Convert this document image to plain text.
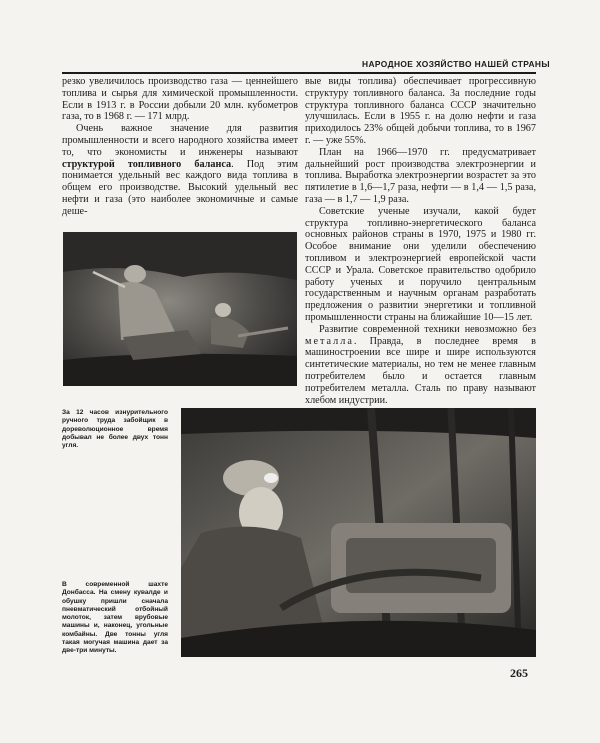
НАРОДНОЕ ХОЗЯЙСТВО НАШЕЙ СТРАНЫ

резко увеличилось производство газа — ценнейшего топлива и сырья для химической промышленности. Если в 1913 г. в России добыли 20 млн. кубометров газа, то в 1968 г. — 171 млрд.

Очень важное значение для развития промышленности и всего народного хозяйства имеет то, что экономисты и инженеры называют структурой топливного баланса. Под этим понимается удельный вес каждого вида топлива в общем его производстве. Высокий удельный вес нефти и газа (это наиболее экономичные и самые деше-

вые виды топлива) обеспечивает прогрессивную структуру топливного баланса. За последние годы структура топливного баланса СССР значительно улучшилась. Если в 1955 г. на долю нефти и газа приходилось 23% общей добычи топлива, то в 1967 г. — уже 55%.

План на 1966—1970 гг. предусматривает дальнейший рост производства электроэнергии и топлива. Выработка электроэнергии возрастет за это пятилетие в 1,6—1,7 раза, нефти — в 1,4 — 1,5 раза, газа — в 1,7 — 1,9 раза.

Советские ученые изучали, какой будет структура топливно-энергетического баланса основных районов страны в 1970, 1975 и 1980 гг. Особое внимание они уделили обеспечению топливом и электроэнергией европейской части СССР и Урала. Советское правительство одобрило работу ученых и поручило центральным государственным и научным органам разработать предложения о развитии энергетики и топливной промышленности страны на ближайшие 10—15 лет.

Развитие современной техники невозможно без металла. Правда, в последнее время в машиностроении все шире и шире используются синтетические материалы, но тем не менее главным потребителем было и остается главным потребителем металла. Сталь по праву называют хлебом индустрии.

За 12 часов изнурительного ручного труда забойщик в дореволюционное время добывал не более двух тонн угля.
В современной шахте Донбасса. На смену кувалде и обушку пришли сначала пневматический отбойный молоток, затем врубовые машины и, наконец, угольные комбайны. Две тонны угля такая могучая машина дает за две-три минуты.
265
